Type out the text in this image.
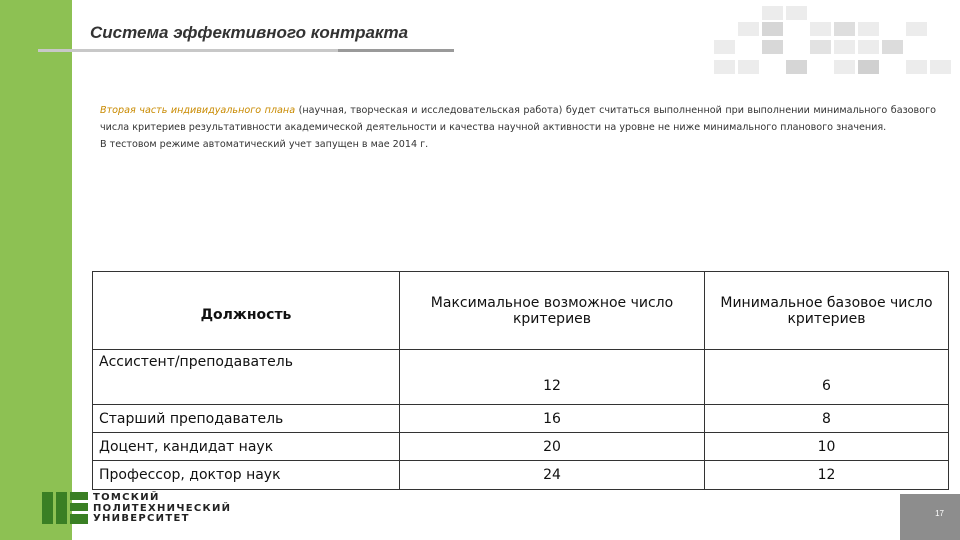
Система эффективного контракта

Вторая часть индивидуального плана (научная, творческая и исследовательская работа) будет считаться выполненной при выполнении минимального базового числа критериев результативности академической деятельности и качества научной активности на уровне не ниже минимального планового значения.

В тестовом режиме автоматический учет запущен в мае 2014 г.

Должность	Максимальное возможное число критериев	Минимальное базовое число критериев
Ассистент/преподаватель	12	6
Старший преподаватель	16	8
Доцент, кандидат наук	20	10
Профессор, доктор наук	24	12
ТОМСКИЙ
ПОЛИТЕХНИЧЕСКИЙ
УНИВЕРСИТЕТ	17
